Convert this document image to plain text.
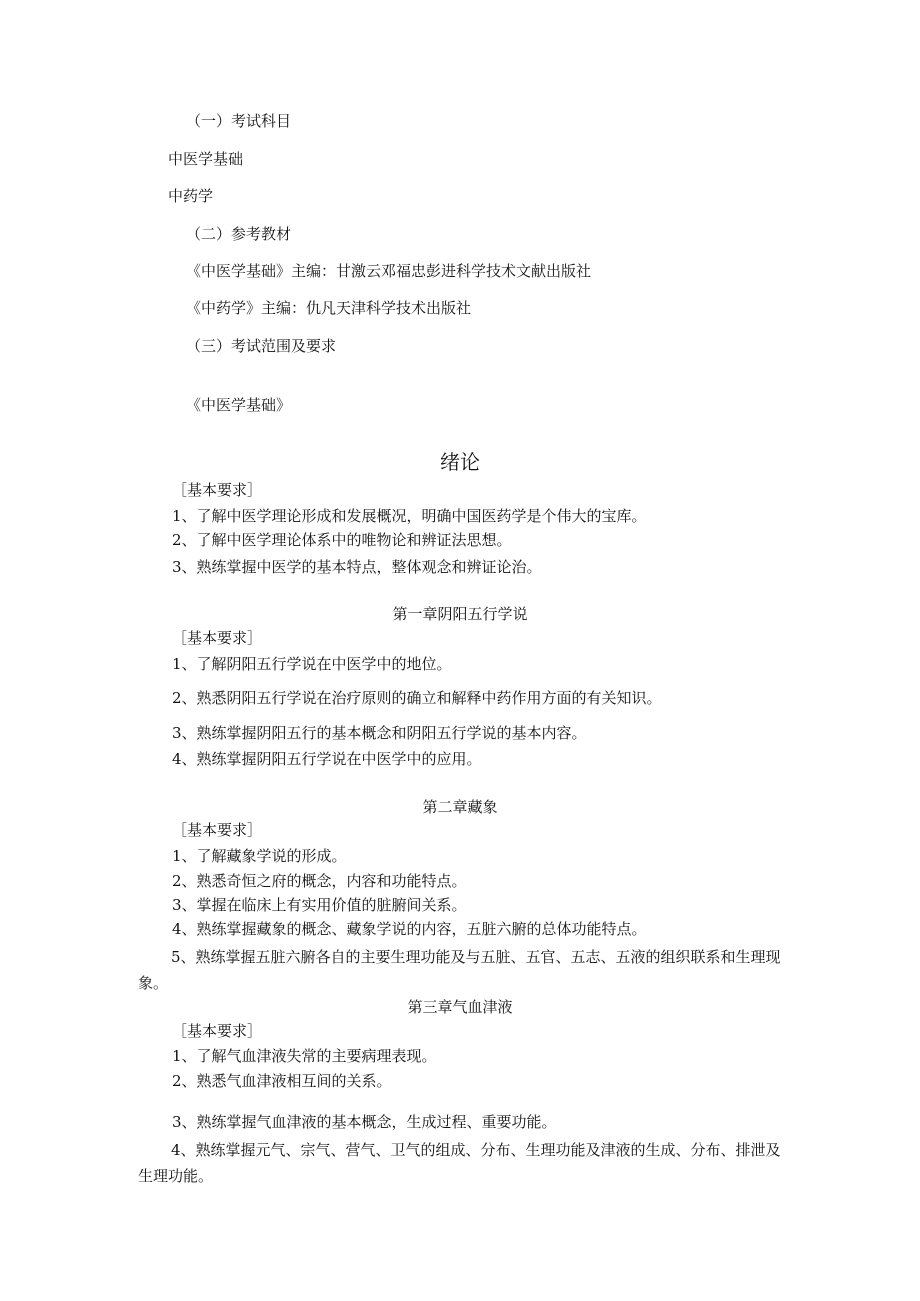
（一）考试科目
中医学基础
中药学
（二）参考教材
《中医学基础》主编：甘激云邓福忠彭进科学技术文献出版社
《中药学》主编：仇凡天津科学技术出版社
（三）考试范围及要求
《中医学基础》
绪论
［基本要求］
1、了解中医学理论形成和发展概况，明确中国医药学是个伟大的宝库。
2、了解中医学理论体系中的唯物论和辨证法思想。
3、熟练掌握中医学的基本特点，整体观念和辨证论治。
第一章阴阳五行学说
［基本要求］
1、了解阴阳五行学说在中医学中的地位。
2、熟悉阴阳五行学说在治疗原则的确立和解释中药作用方面的有关知识。
3、熟练掌握阴阳五行的基本概念和阴阳五行学说的基本内容。
4、熟练掌握阴阳五行学说在中医学中的应用。
第二章藏象
［基本要求］
1、了解藏象学说的形成。
2、熟悉奇恒之府的概念，内容和功能特点。
3、掌握在临床上有实用价值的脏腑间关系。
4、熟练掌握藏象的概念、藏象学说的内容，五脏六腑的总体功能特点。
5、熟练掌握五脏六腑各自的主要生理功能及与五脏、五官、五志、五液的组织联系和生理现象。
第三章气血津液
［基本要求］
1、了解气血津液失常的主要病理表现。
2、熟悉气血津液相互间的关系。
3、熟练掌握气血津液的基本概念，生成过程、重要功能。
4、熟练掌握元气、宗气、营气、卫气的组成、分布、生理功能及津液的生成、分布、排泄及生理功能。
